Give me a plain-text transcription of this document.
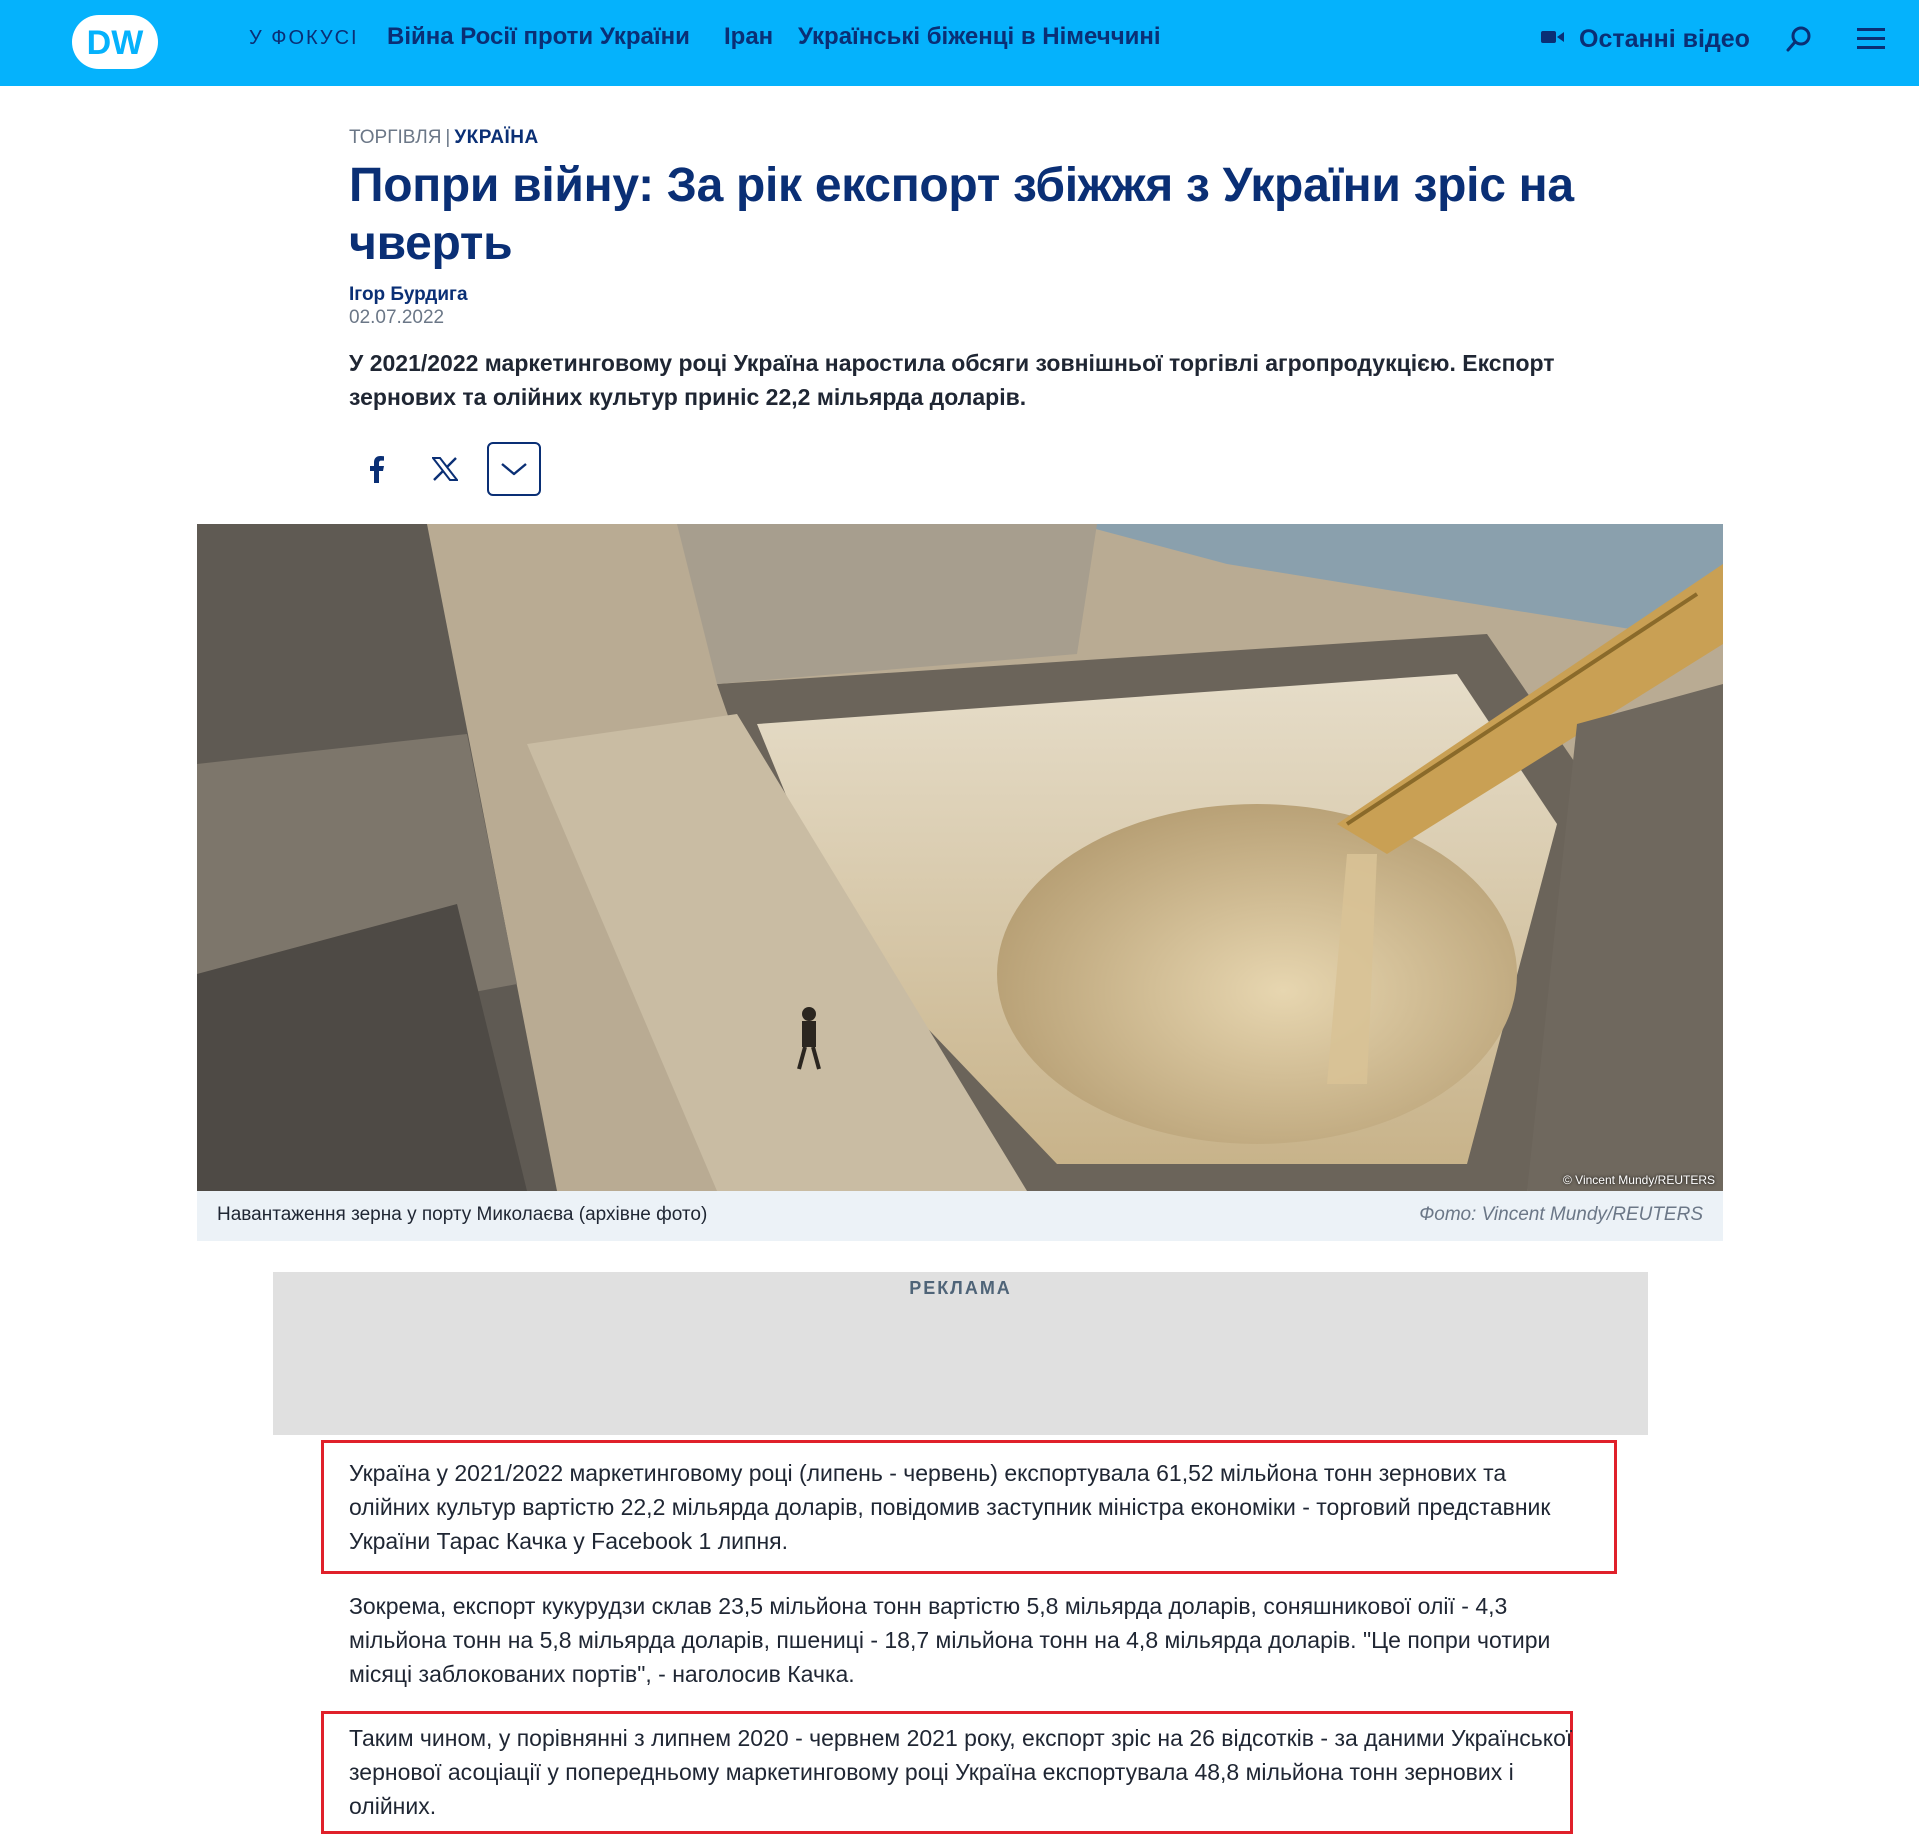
DW	У ФОКУСІ Війна Росії проти України Іран Українські біженці в Німеччині	Останні відео
ТОРГІВЛЯ | УКРАЇНА
Попри війну: За рік експорт збіжжя з України зріс на чверть
Ігор Бурдига
02.07.2022

У 2021/2022 маркетинговому році Україна наростила обсяги зовнішньої торгівлі агропродукцією. Експорт зернових та олійних культур приніс 22,2 мільярда доларів.

© Vincent Mundy/REUTERS
Навантаження зерна у порту Миколаєва (архівне фото)	Фото: Vincent Mundy/REUTERS
РЕКЛАМА

Україна у 2021/2022 маркетинговому році (липень - червень) експортувала 61,52 мільйона тонн зернових та олійних культур вартістю 22,2 мільярда доларів, повідомив заступник міністра економіки - торговий представник України Тарас Качка у Facebook 1 липня.

Зокрема, експорт кукурудзи склав 23,5 мільйона тонн вартістю 5,8 мільярда доларів, соняшникової олії - 4,3 мільйона тонн на 5,8 мільярда доларів, пшениці - 18,7 мільйона тонн на 4,8 мільярда доларів. "Це попри чотири місяці заблокованих портів", - наголосив Качка.

Таким чином, у порівнянні з липнем 2020 - червнем 2021 року, експорт зріс на 26 відсотків - за даними Української зернової асоціації у попередньому маркетинговому році Україна експортувала 48,8 мільйона тонн зернових і олійних.
